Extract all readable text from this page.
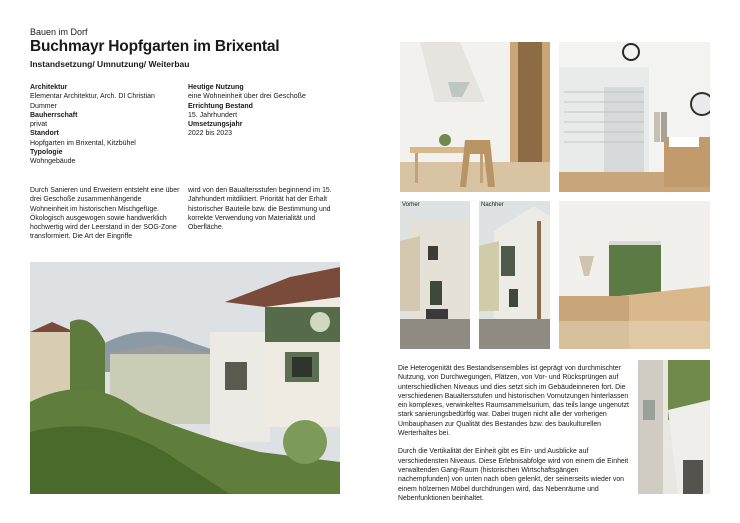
Bauen im Dorf
Buchmayr Hopfgarten im Brixental
Instandsetzung/ Umnutzung/ Weiterbau
Architektur
Elementar Architektur, Arch. DI Christian Dummer
Bauherrschaft
privat
Standort
Hopfgarten im Brixental, Kitzbühel
Typologie
Wohngebäude
Heutige Nutzung
eine Wohneinheit über drei Geschoße
Errichtung Bestand
15. Jahrhundert
Umsetzungsjahr
2022 bis 2023
Durch Sanieren und Erweitern entsteht eine über drei Geschoße zusammenhängende Wohneinheit im historischen Mischgefüge. Ökologisch ausgewogen sowie handwerklich hochwertig wird der Leerstand in der SOG-Zone transformiert. Die Art der Eingriffe
wird von den Baualtersstufen beginnend im 15. Jahrhundert mitdiktiert. Priorität hat der Erhalt historischer Bauteile bzw. die Bestimmung und korrekte Verwendung von Materialität und Oberfläche.
Vorher	Nachher

Die Heterogenität des Bestandsensembles ist geprägt von durchmischter Nutzung, von Durchwegungen, Plätzen, von Vor- und Rücksprüngen auf unterschiedlichen Niveaus und dies setzt sich im Gebäudeinneren fort. Die verschiedenen Baualtersstufen und historischen Vornutzungen hinterlassen ein komplexes, verwinkeltes Raumsammelsurium, das teils lange ungenutzt stark sanierungsbedürftig war. Dabei trugen nicht alle der vorherigen Umbauphasen zur Qualität des Bestandes bzw. des baukulturellen Werterhaltes bei.

Durch die Vertikalität der Einheit gibt es Ein- und Ausblicke auf verschiedensten Niveaus. Diese Erlebnisabfolge wird von einem die Einheit verwaltenden Gang-Raum (historischen Wirtschaftsgängen nachempfunden) von unten nach oben gelenkt, der seinerseits wieder von einem hölzernen Möbel durchdrungen wird, das Nebenräume und Nebenfunktionen beinhaltet.
